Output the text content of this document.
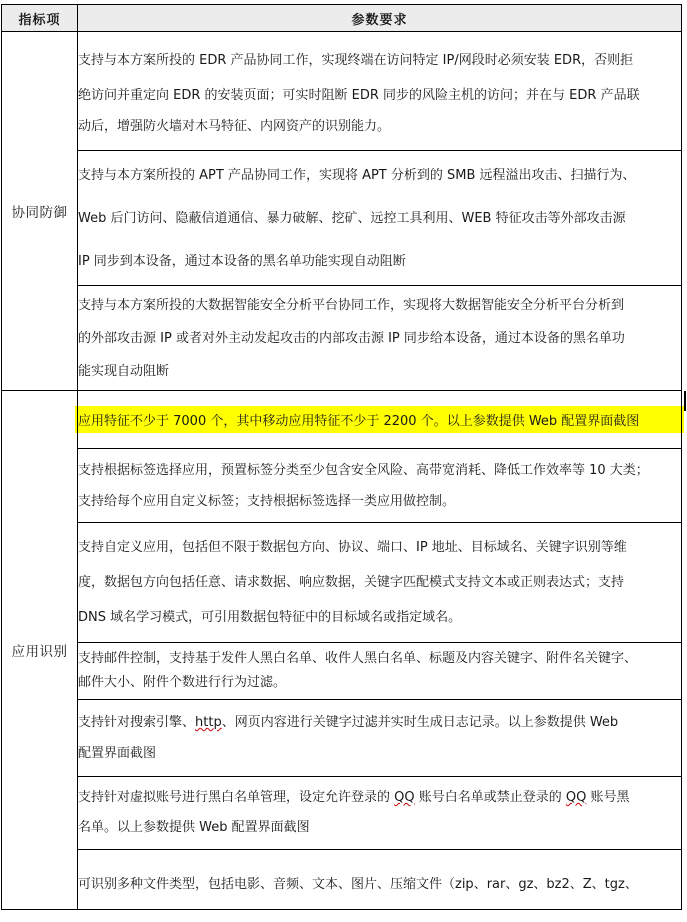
指标项	参数要求
协同防御	支持与本方案所投的 EDR 产品协同工作，实现终端在访问特定 IP/网段时必须安装 EDR，否则拒
绝访问并重定向 EDR 的安装页面；可实时阻断 EDR 同步的风险主机的访问；并在与 EDR 产品联
动后，增强防火墙对木马特征、内网资产的识别能力。

	支持与本方案所投的 APT 产品协同工作，实现将 APT 分析到的 SMB 远程溢出攻击、扫描行为、
Web 后门访问、隐蔽信道通信、暴力破解、挖矿、远控工具利用、WEB 特征攻击等外部攻击源
IP 同步到本设备，通过本设备的黑名单功能实现自动阻断

	支持与本方案所投的大数据智能安全分析平台协同工作，实现将大数据智能安全分析平台分析到
的外部攻击源 IP 或者对外主动发起攻击的内部攻击源 IP 同步给本设备，通过本设备的黑名单功
能实现自动阻断

应用识别	应用特征不少于 7000 个，其中移动应用特征不少于 2200 个。以上参数提供 Web 配置界面截图

	支持根据标签选择应用，预置标签分类至少包含安全风险、高带宽消耗、降低工作效率等 10 大类；
支持给每个应用自定义标签；支持根据标签选择一类应用做控制。

	支持自定义应用，包括但不限于数据包方向、协议、端口、IP 地址、目标域名、关键字识别等维
度，数据包方向包括任意、请求数据、响应数据，关键字匹配模式支持文本或正则表达式；支持
DNS 域名学习模式，可引用数据包特征中的目标域名或指定域名。

	支持邮件控制，支持基于发件人黑白名单、收件人黑白名单、标题及内容关键字、附件名关键字、
邮件大小、附件个数进行行为过滤。

	支持针对搜索引擎、http、网页内容进行关键字过滤并实时生成日志记录。以上参数提供 Web
配置界面截图

	支持针对虚拟账号进行黑白名单管理，设定允许登录的 QQ 账号白名单或禁止登录的 QQ 账号黑
名单。以上参数提供 Web 配置界面截图

	可识别多种文件类型，包括电影、音频、文本、图片、压缩文件（zip、rar、gz、bz2、Z、tgz、
